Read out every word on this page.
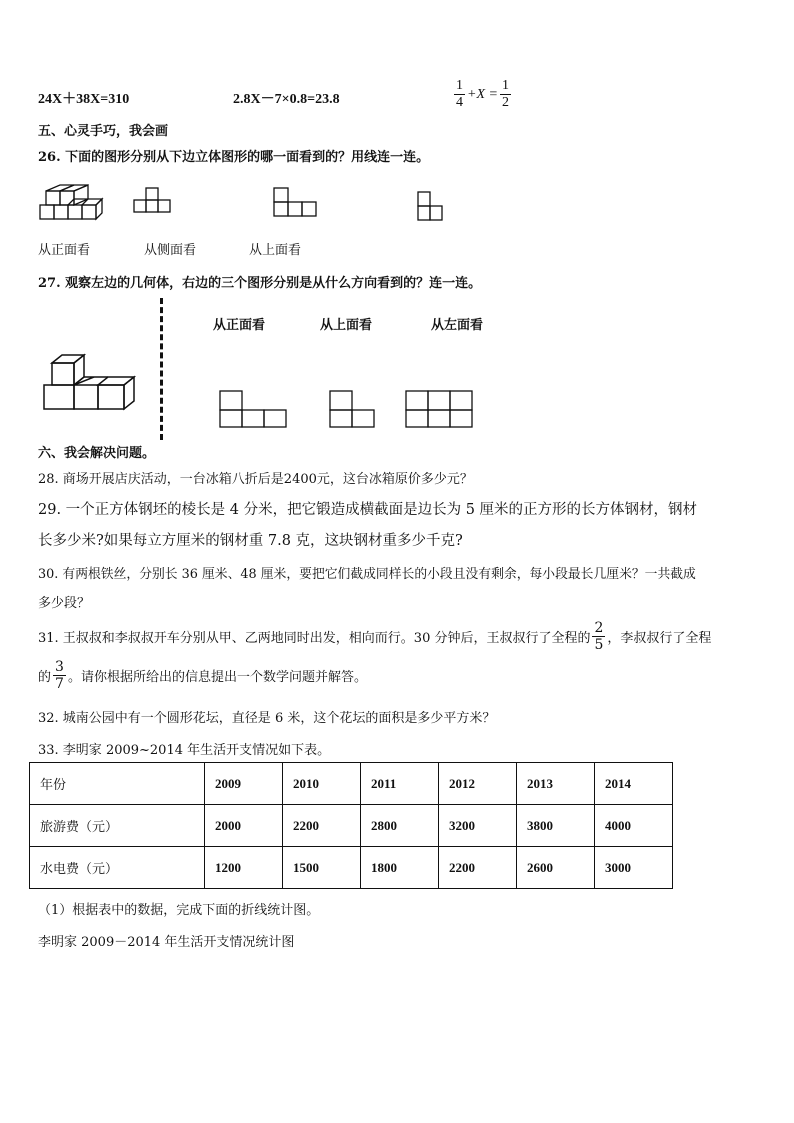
24X＋38X=310	2.8X－7×0.8=23.8	$\frac{1}{4} +X = \frac{1}{2}$
五、心灵手巧，我会画
26. 下面的图形分别从下边立体图形的哪一面看到的？用线连一连。
从正面看	从侧面看	从上面看
27. 观察左边的几何体，右边的三个图形分别是从什么方向看到的？连一连。
从正面看	从上面看	从左面看
六、我会解决问题。
28. 商场开展店庆活动，一台冰箱八折后是2400元，这台冰箱原价多少元？
29. 一个正方体钢坯的棱长是 4 分米，把它锻造成横截面是边长为 5 厘米的正方形的长方体钢材，钢材
长多少米?如果每立方厘米的钢材重 7.8 克，这块钢材重多少千克?
30. 有两根铁丝，分别长 36 厘米、48 厘米，要把它们截成同样长的小段且没有剩余，每小段最长几厘米？一共截成
多少段？
31. 王叔叔和李叔叔开车分别从甲、乙两地同时出发，相向而行。30 分钟后，王叔叔行了全程的 $\frac{2}{5}$ ，李叔叔行了全程
的 $\frac{3}{7}$ 。请你根据所给出的信息提出一个数学问题并解答。
32. 城南公园中有一个圆形花坛，直径是 6 米，这个花坛的面积是多少平方米？
33. 李明家 2009~2014 年生活开支情况如下表。
年份	2009	2010	2011	2012	2013	2014
旅游费（元）	2000	2200	2800	3200	3800	4000
水电费（元）	1200	1500	1800	2200	2600	3000
（1）根据表中的数据，完成下面的折线统计图。
李明家 2009－2014 年生活开支情况统计图
